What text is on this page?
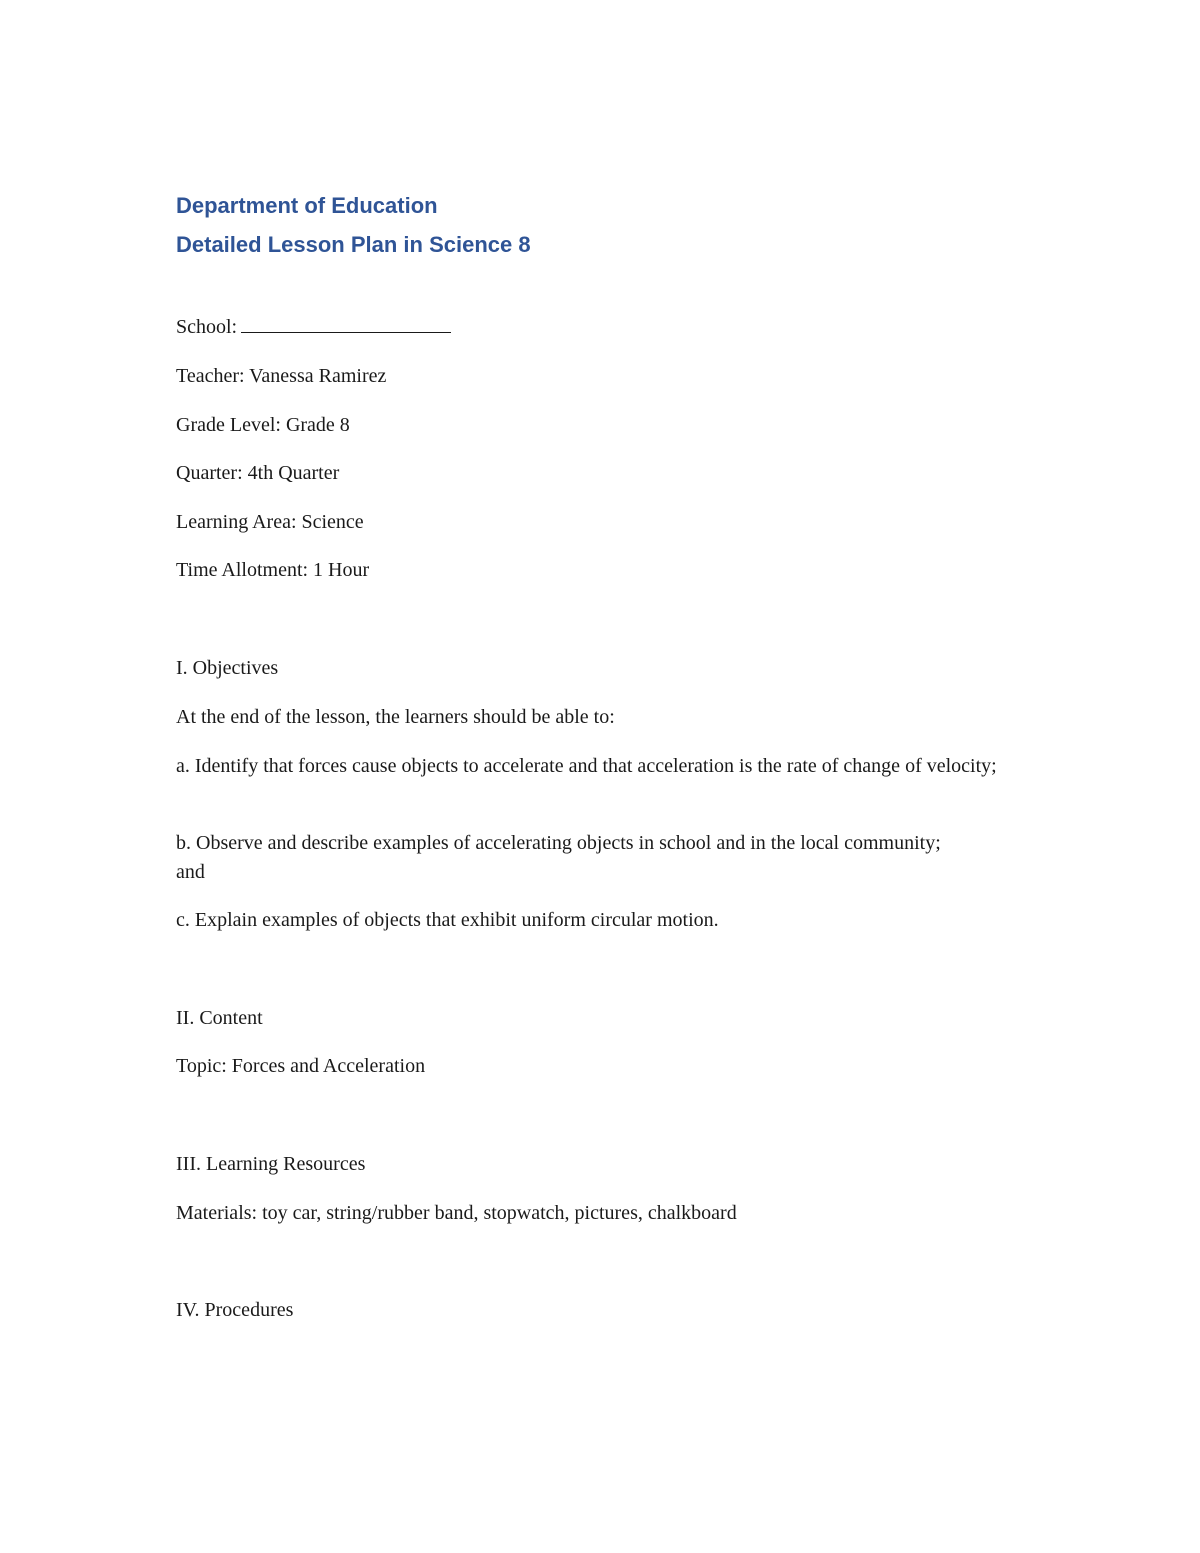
Department of Education
Detailed Lesson Plan in Science 8

School:

Teacher: Vanessa Ramirez

Grade Level: Grade 8

Quarter: 4th Quarter

Learning Area: Science

Time Allotment: 1 Hour

I. Objectives

At the end of the lesson, the learners should be able to:

a. Identify that forces cause objects to accelerate and that acceleration is the rate of change of velocity;

b. Observe and describe examples of accelerating objects in school and in the local community; and

c. Explain examples of objects that exhibit uniform circular motion.

II. Content

Topic: Forces and Acceleration

III. Learning Resources

Materials: toy car, string/rubber band, stopwatch, pictures, chalkboard

IV. Procedures
